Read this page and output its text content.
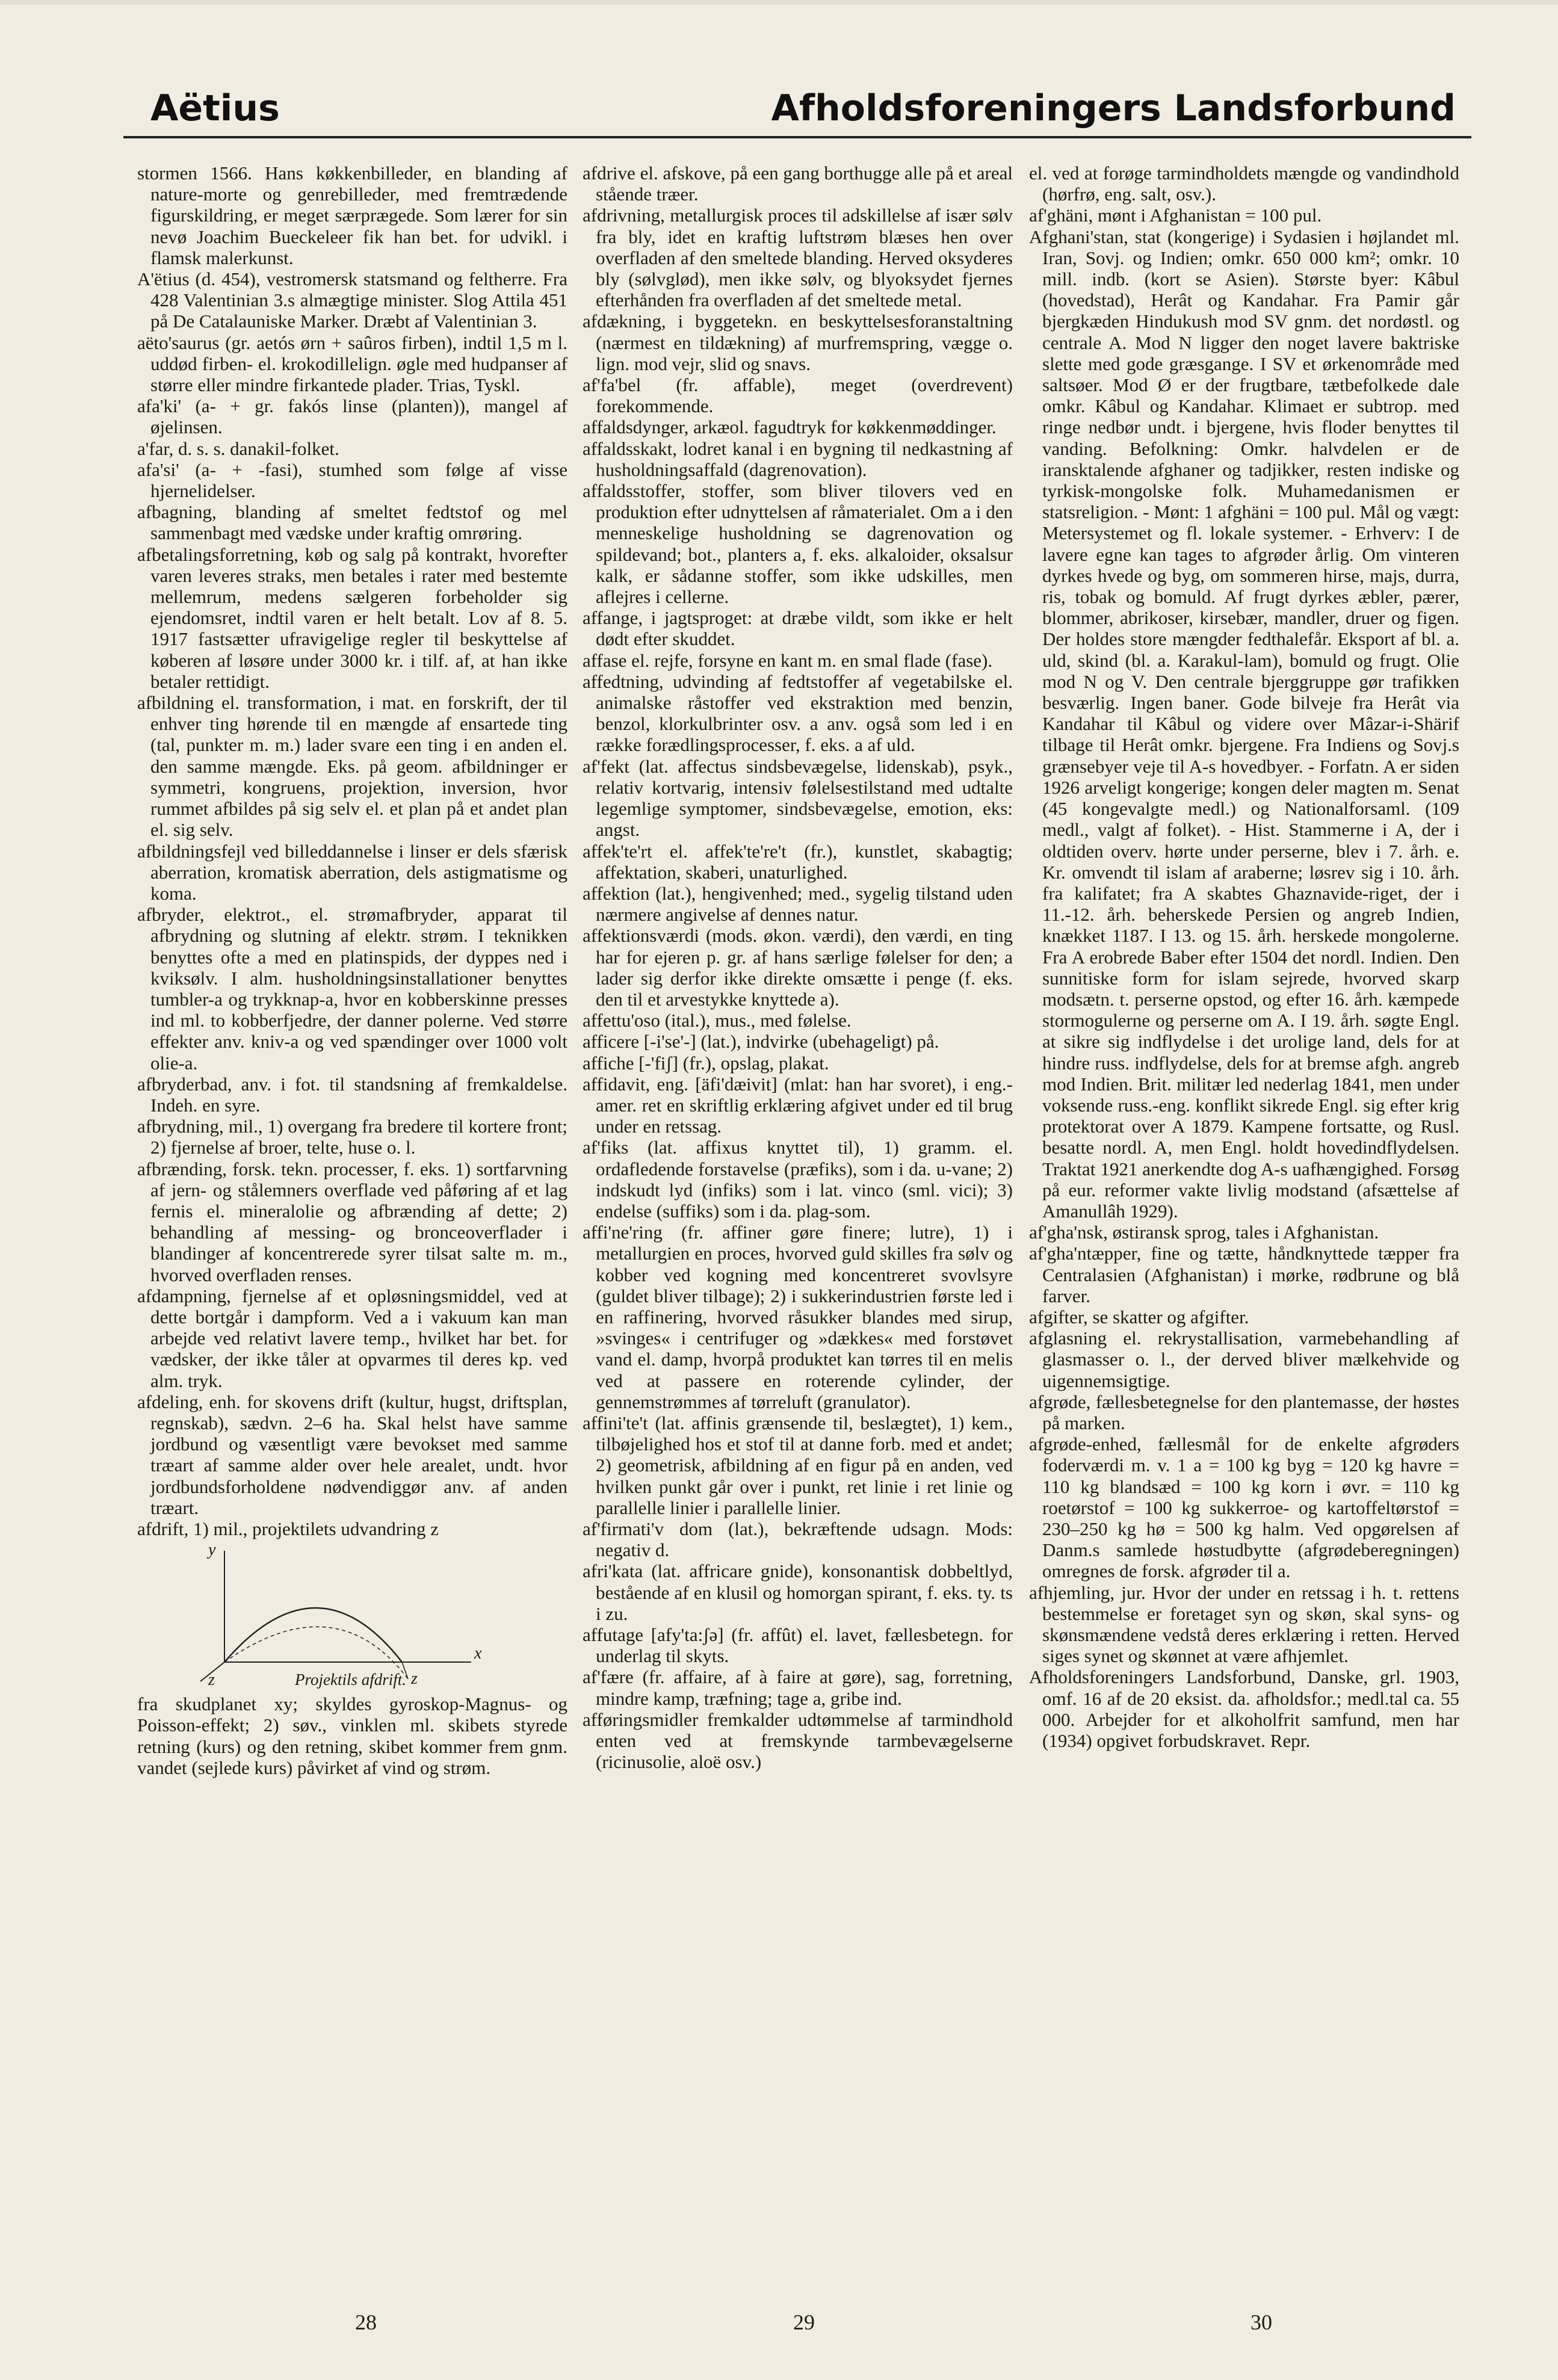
Aëtius	Afholdsforeningers Landsforbund

stormen 1566. Hans køkkenbilleder, en blanding af nature-morte og genrebilleder, med fremtrædende figurskildring, er meget særprægede. Som lærer for sin nevø Joachim Bueckeleer fik han bet. for udvikl. i flamsk malerkunst.

A'ëtius (d. 454), vestromersk statsmand og feltherre. Fra 428 Valentinian 3.s almægtige minister. Slog Attila 451 på De Catalauniske Marker. Dræbt af Valentinian 3.

aëto'saurus (gr. aetós ørn + saûros firben), indtil 1,5 m l. uddød firben- el. krokodillelign. øgle med hudpanser af større eller mindre firkantede plader. Trias, Tyskl.

afa'ki' (a- + gr. fakós linse (planten)), mangel af øjelinsen.

a'far, d. s. s. danakil-folket.

afa'si' (a- + -fasi), stumhed som følge af visse hjernelidelser.

afbagning, blanding af smeltet fedtstof og mel sammenbagt med vædske under kraftig omrøring.

afbetalingsforretning, køb og salg på kontrakt, hvorefter varen leveres straks, men betales i rater med bestemte mellemrum, medens sælgeren forbeholder sig ejendomsret, indtil varen er helt betalt. Lov af 8. 5. 1917 fastsætter ufravigelige regler til beskyttelse af køberen af løsøre under 3000 kr. i tilf. af, at han ikke betaler rettidigt.

afbildning el. transformation, i mat. en forskrift, der til enhver ting hørende til en mængde af ensartede ting (tal, punkter m. m.) lader svare een ting i en anden el. den samme mængde. Eks. på geom. afbildninger er symmetri, kongruens, projektion, inversion, hvor rummet afbildes på sig selv el. et plan på et andet plan el. sig selv.

afbildningsfejl ved billeddannelse i linser er dels sfærisk aberration, kromatisk aberration, dels astigmatisme og koma.

afbryder, elektrot., el. strømafbryder, apparat til afbrydning og slutning af elektr. strøm. I teknikken benyttes ofte a med en platinspids, der dyppes ned i kviksølv. I alm. husholdningsinstallationer benyttes tumbler-a og trykknap-a, hvor en kobberskinne presses ind ml. to kobberfjedre, der danner polerne. Ved større effekter anv. kniv-a og ved spændinger over 1000 volt olie-a.

afbryderbad, anv. i fot. til standsning af fremkaldelse. Indeh. en syre.

afbrydning, mil., 1) overgang fra bredere til kortere front; 2) fjernelse af broer, telte, huse o. l.

afbrænding, forsk. tekn. processer, f. eks. 1) sortfarvning af jern- og stålemners overflade ved påføring af et lag fernis el. mineralolie og afbrænding af dette; 2) behandling af messing- og bronceoverflader i blandinger af koncentrerede syrer tilsat salte m. m., hvorved overfladen renses.

afdampning, fjernelse af et opløsningsmiddel, ved at dette bortgår i dampform. Ved a i vakuum kan man arbejde ved relativt lavere temp., hvilket har bet. for vædsker, der ikke tåler at opvarmes til deres kp. ved alm. tryk.

afdeling, enh. for skovens drift (kultur, hugst, driftsplan, regnskab), sædvn. 2–6 ha. Skal helst have samme jordbund og væsentligt være bevokset med samme træart af samme alder over hele arealet, undt. hvor jordbundsforholdene nødvendiggør anv. af anden træart.

afdrift, 1) mil., projektilets udvandring z

y
x
z
z	Projektils afdrift.

fra skudplanet xy; skyldes gyroskop-Magnus- og Poisson-effekt; 2) søv., vinklen ml. skibets styrede retning (kurs) og den retning, skibet kommer frem gnm. vandet (sejlede kurs) påvirket af vind og strøm.

afdrive el. afskove, på een gang borthugge alle på et areal stående træer.

afdrivning, metallurgisk proces til adskillelse af især sølv fra bly, idet en kraftig luftstrøm blæses hen over overfladen af den smeltede blanding. Herved oksyderes bly (sølvglød), men ikke sølv, og blyoksydet fjernes efterhånden fra overfladen af det smeltede metal.

afdækning, i byggetekn. en beskyttelsesforanstaltning (nærmest en tildækning) af murfremspring, vægge o. lign. mod vejr, slid og snavs.

af'fa'bel (fr. affable), meget (overdrevent) forekommende.

affaldsdynger, arkæol. fagudtryk for køkkenmøddinger.

affaldsskakt, lodret kanal i en bygning til nedkastning af husholdningsaffald (dagrenovation).

affaldsstoffer, stoffer, som bliver tilovers ved en produktion efter udnyttelsen af råmaterialet. Om a i den menneskelige husholdning se dagrenovation og spildevand; bot., planters a, f. eks. alkaloider, oksalsur kalk, er sådanne stoffer, som ikke udskilles, men aflejres i cellerne.

affange, i jagtsproget: at dræbe vildt, som ikke er helt dødt efter skuddet.

affase el. rejfe, forsyne en kant m. en smal flade (fase).

affedtning, udvinding af fedtstoffer af vegetabilske el. animalske råstoffer ved ekstraktion med benzin, benzol, klorkulbrinter osv. a anv. også som led i en række forædlingsprocesser, f. eks. a af uld.

af'fekt (lat. affectus sindsbevægelse, lidenskab), psyk., relativ kortvarig, intensiv følelsestilstand med udtalte legemlige symptomer, sindsbevægelse, emotion, eks: angst.

affek'te'rt el. affek'te're't (fr.), kunstlet, skabagtig; affektation, skaberi, unaturlighed.

affektion (lat.), hengivenhed; med., sygelig tilstand uden nærmere angivelse af dennes natur.

affektionsværdi (mods. økon. værdi), den værdi, en ting har for ejeren p. gr. af hans særlige følelser for den; a lader sig derfor ikke direkte omsætte i penge (f. eks. den til et arvestykke knyttede a).

affettu'oso (ital.), mus., med følelse.

afficere [-i'se'-] (lat.), indvirke (ubehageligt) på.

affiche [-'fiʃ] (fr.), opslag, plakat.

affidavit, eng. [äfi'dæivit] (mlat: han har svoret), i eng.-amer. ret en skriftlig erklæring afgivet under ed til brug under en retssag.

af'fiks (lat. affixus knyttet til), 1) gramm. el. ordafledende forstavelse (præfiks), som i da. u-vane; 2) indskudt lyd (infiks) som i lat. vinco (sml. vici); 3) endelse (suffiks) som i da. plag-som.

affi'ne'ring (fr. affiner gøre finere; lutre), 1) i metallurgien en proces, hvorved guld skilles fra sølv og kobber ved kogning med koncentreret svovlsyre (guldet bliver tilbage); 2) i sukkerindustrien første led i en raffinering, hvorved råsukker blandes med sirup, »svinges« i centrifuger og »dækkes« med forstøvet vand el. damp, hvorpå produktet kan tørres til en melis ved at passere en roterende cylinder, der gennemstrømmes af tørreluft (granulator).

affini'te't (lat. affinis grænsende til, beslægtet), 1) kem., tilbøjelighed hos et stof til at danne forb. med et andet; 2) geometrisk, afbildning af en figur på en anden, ved hvilken punkt går over i punkt, ret linie i ret linie og parallelle linier i parallelle linier.

af'firmati'v dom (lat.), bekræftende udsagn. Mods: negativ d.

afri'kata (lat. affricare gnide), konsonantisk dobbeltlyd, bestående af en klusil og homorgan spirant, f. eks. ty. ts i zu.

affutage [afy'ta:ʃə] (fr. affût) el. lavet, fællesbetegn. for underlag til skyts.

af'fære (fr. affaire, af à faire at gøre), sag, forretning, mindre kamp, træfning; tage a, gribe ind.

afføringsmidler fremkalder udtømmelse af tarmindhold enten ved at fremskynde tarmbevægelserne (ricinusolie, aloë osv.)

el. ved at forøge tarmindholdets mængde og vandindhold (hørfrø, eng. salt, osv.).

af'ghäni, mønt i Afghanistan = 100 pul.

Afghani'stan, stat (kongerige) i Sydasien i højlandet ml. Iran, Sovj. og Indien; omkr. 650 000 km²; omkr. 10 mill. indb. (kort se Asien). Største byer: Kâbul (hovedstad), Herât og Kandahar. Fra Pamir går bjergkæden Hindukush mod SV gnm. det nordøstl. og centrale A. Mod N ligger den noget lavere baktriske slette med gode græsgange. I SV et ørkenområde med saltsøer. Mod Ø er der frugtbare, tætbefolkede dale omkr. Kâbul og Kandahar. Klimaet er subtrop. med ringe nedbør undt. i bjergene, hvis floder benyttes til vanding. Befolkning: Omkr. halvdelen er de iransktalende afghaner og tadjikker, resten indiske og tyrkisk-mongolske folk. Muhamedanismen er statsreligion. - Mønt: 1 afghäni = 100 pul. Mål og vægt: Metersystemet og fl. lokale systemer. - Erhverv: I de lavere egne kan tages to afgrøder årlig. Om vinteren dyrkes hvede og byg, om sommeren hirse, majs, durra, ris, tobak og bomuld. Af frugt dyrkes æbler, pærer, blommer, abrikoser, kirsebær, mandler, druer og figen. Der holdes store mængder fedthalefår. Eksport af bl. a. uld, skind (bl. a. Karakul-lam), bomuld og frugt. Olie mod N og V. Den centrale bjerggruppe gør trafikken besværlig. Ingen baner. Gode bilveje fra Herât via Kandahar til Kâbul og videre over Mâzar-i-Shärif tilbage til Herât omkr. bjergene. Fra Indiens og Sovj.s grænsebyer veje til A-s hovedbyer. - Forfatn. A er siden 1926 arveligt kongerige; kongen deler magten m. Senat (45 kongevalgte medl.) og Nationalforsaml. (109 medl., valgt af folket). - Hist. Stammerne i A, der i oldtiden overv. hørte under perserne, blev i 7. årh. e. Kr. omvendt til islam af araberne; løsrev sig i 10. årh. fra kalifatet; fra A skabtes Ghaznavide-riget, der i 11.-12. årh. beherskede Persien og angreb Indien, knækket 1187. I 13. og 15. årh. herskede mongolerne. Fra A erobrede Baber efter 1504 det nordl. Indien. Den sunnitiske form for islam sejrede, hvorved skarp modsætn. t. perserne opstod, og efter 16. årh. kæmpede stormogulerne og perserne om A. I 19. årh. søgte Engl. at sikre sig indflydelse i det urolige land, dels for at hindre russ. indflydelse, dels for at bremse afgh. angreb mod Indien. Brit. militær led nederlag 1841, men under voksende russ.-eng. konflikt sikrede Engl. sig efter krig protektorat over A 1879. Kampene fortsatte, og Rusl. besatte nordl. A, men Engl. holdt hovedindflydelsen. Traktat 1921 anerkendte dog A-s uafhængighed. Forsøg på eur. reformer vakte livlig modstand (afsættelse af Amanullâh 1929).

af'gha'nsk, østiransk sprog, tales i Afghanistan.

af'gha'ntæpper, fine og tætte, håndknyttede tæpper fra Centralasien (Afghanistan) i mørke, rødbrune og blå farver.

afgifter, se skatter og afgifter.

afglasning el. rekrystallisation, varmebehandling af glasmasser o. l., der derved bliver mælkehvide og uigennemsigtige.

afgrøde, fællesbetegnelse for den plantemasse, der høstes på marken.

afgrøde-enhed, fællesmål for de enkelte afgrøders foderværdi m. v. 1 a = 100 kg byg = 120 kg havre = 110 kg blandsæd = 100 kg korn i øvr. = 110 kg roetørstof = 100 kg sukkerroe- og kartoffeltørstof = 230–250 kg hø = 500 kg halm. Ved opgørelsen af Danm.s samlede høstudbytte (afgrødeberegningen) omregnes de forsk. afgrøder til a.

afhjemling, jur. Hvor der under en retssag i h. t. rettens bestemmelse er foretaget syn og skøn, skal syns- og skønsmændene vedstå deres erklæring i retten. Herved siges synet og skønnet at være afhjemlet.

Afholdsforeningers Landsforbund, Danske, grl. 1903, omf. 16 af de 20 eksist. da. afholdsfor.; medl.tal ca. 55 000. Arbejder for et alkoholfrit samfund, men har (1934) opgivet forbudskravet. Repr.

28	29	30
